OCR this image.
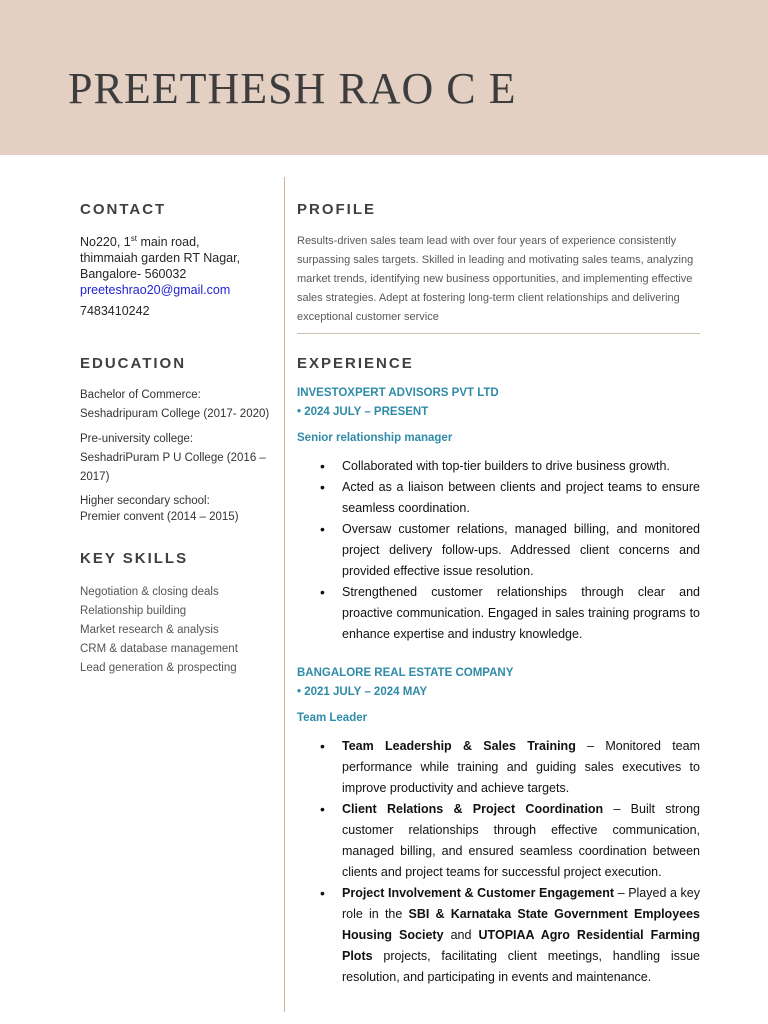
PREETHESH RAO C E
CONTACT
No220, 1st main road,
thimmaiah garden RT Nagar,
Bangalore- 560032
preeteshrao20@gmail.com
7483410242
EDUCATION
Bachelor of Commerce:
Seshadripuram College (2017- 2020)
Pre-university college:
SeshadriPuram P U College (2016 – 2017)
Higher secondary school:
Premier convent (2014 – 2015)
KEY SKILLS
Negotiation & closing deals
Relationship building
Market research & analysis
CRM & database management
Lead generation & prospecting
PROFILE
Results-driven sales team lead with over four years of experience consistently surpassing sales targets. Skilled in leading and motivating sales teams, analyzing market trends, identifying new business opportunities, and implementing effective sales strategies. Adept at fostering long-term client relationships and delivering exceptional customer service
EXPERIENCE
INVESTOXPERT ADVISORS PVT LTD
• 2024 JULY – PRESENT
Senior relationship manager
• Collaborated with top-tier builders to drive business growth.
• Acted as a liaison between clients and project teams to ensure seamless coordination.
• Oversaw customer relations, managed billing, and monitored project delivery follow-ups. Addressed client concerns and provided effective issue resolution.
• Strengthened customer relationships through clear and proactive communication. Engaged in sales training programs to enhance expertise and industry knowledge.
BANGALORE REAL ESTATE COMPANY
• 2021 JULY – 2024 MAY
Team Leader
• Team Leadership & Sales Training – Monitored team performance while training and guiding sales executives to improve productivity and achieve targets.
• Client Relations & Project Coordination – Built strong customer relationships through effective communication, managed billing, and ensured seamless coordination between clients and project teams for successful project execution.
• Project Involvement & Customer Engagement – Played a key role in the SBI & Karnataka State Government Employees Housing Society and UTOPIAA Agro Residential Farming Plots projects, facilitating client meetings, handling issue resolution, and participating in events and maintenance.
